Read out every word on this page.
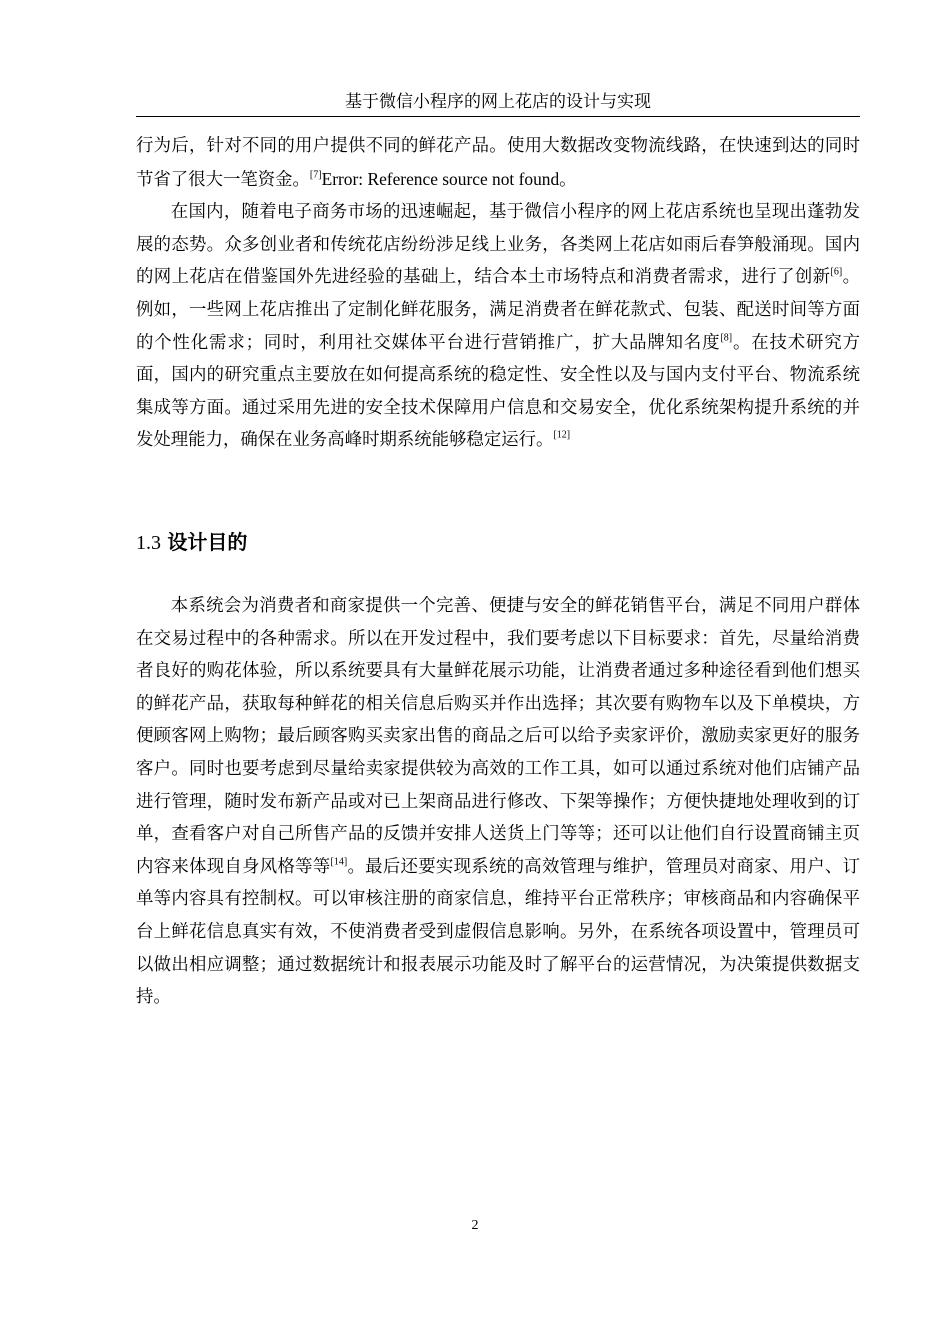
基于微信小程序的网上花店的设计与实现

行为后，针对不同的用户提供不同的鲜花产品。使用大数据改变物流线路，在快速到达的同时节省了很大一笔资金。[7]Error: Reference source not found。

在国内，随着电子商务市场的迅速崛起，基于微信小程序的网上花店系统也呈现出蓬勃发展的态势。众多创业者和传统花店纷纷涉足线上业务，各类网上花店如雨后春笋般涌现。国内的网上花店在借鉴国外先进经验的基础上，结合本土市场特点和消费者需求，进行了创新[6]。例如，一些网上花店推出了定制化鲜花服务，满足消费者在鲜花款式、包装、配送时间等方面的个性化需求；同时，利用社交媒体平台进行营销推广，扩大品牌知名度[8]。在技术研究方面，国内的研究重点主要放在如何提高系统的稳定性、安全性以及与国内支付平台、物流系统集成等方面。通过采用先进的安全技术保障用户信息和交易安全，优化系统架构提升系统的并发处理能力，确保在业务高峰时期系统能够稳定运行。[12]

1.3 设计目的

本系统会为消费者和商家提供一个完善、便捷与安全的鲜花销售平台，满足不同用户群体在交易过程中的各种需求。所以在开发过程中，我们要考虑以下目标要求：首先，尽量给消费者良好的购花体验，所以系统要具有大量鲜花展示功能，让消费者通过多种途径看到他们想买的鲜花产品，获取每种鲜花的相关信息后购买并作出选择；其次要有购物车以及下单模块，方便顾客网上购物；最后顾客购买卖家出售的商品之后可以给予卖家评价，激励卖家更好的服务客户。同时也要考虑到尽量给卖家提供较为高效的工作工具，如可以通过系统对他们店铺产品进行管理，随时发布新产品或对已上架商品进行修改、下架等操作；方便快捷地处理收到的订单，查看客户对自己所售产品的反馈并安排人送货上门等等；还可以让他们自行设置商铺主页内容来体现自身风格等等[14]。最后还要实现系统的高效管理与维护，管理员对商家、用户、订单等内容具有控制权。可以审核注册的商家信息，维持平台正常秩序；审核商品和内容确保平台上鲜花信息真实有效，不使消费者受到虚假信息影响。另外，在系统各项设置中，管理员可以做出相应调整；通过数据统计和报表展示功能及时了解平台的运营情况，为决策提供数据支持。

2
